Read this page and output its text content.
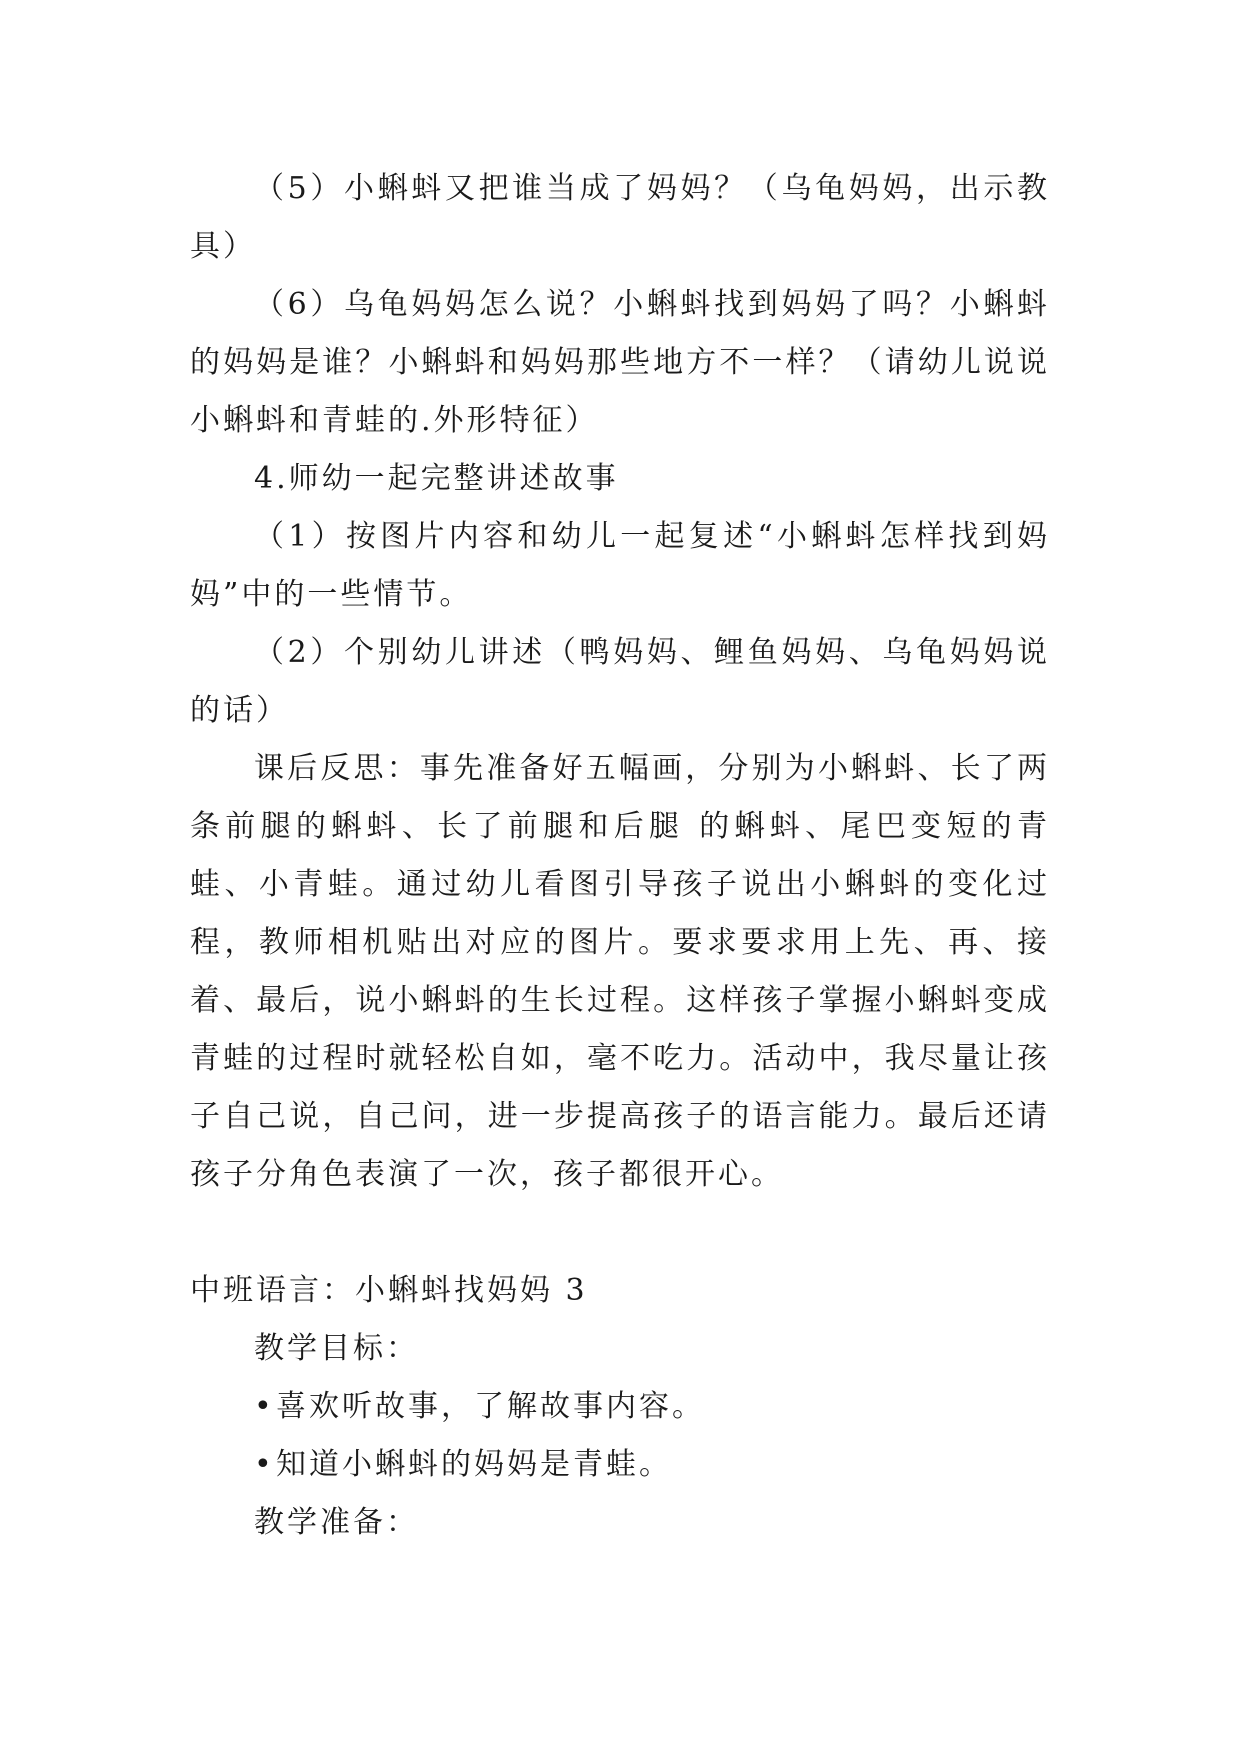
（5）小蝌蚪又把谁当成了妈妈？（乌龟妈妈，出示教具）

（6）乌龟妈妈怎么说？小蝌蚪找到妈妈了吗？小蝌蚪的妈妈是谁？小蝌蚪和妈妈那些地方不一样？（请幼儿说说小蝌蚪和青蛙的.外形特征）

4.师幼一起完整讲述故事

（1）按图片内容和幼儿一起复述“小蝌蚪怎样找到妈妈”中的一些情节。

（2）个别幼儿讲述（鸭妈妈、鲤鱼妈妈、乌龟妈妈说的话）

课后反思：事先准备好五幅画，分别为小蝌蚪、长了两条前腿的蝌蚪、长了前腿和后腿 的蝌蚪、尾巴变短的青蛙、小青蛙。通过幼儿看图引导孩子说出小蝌蚪的变化过程，教师相机贴出对应的图片。要求要求用上先、再、接着、最后，说小蝌蚪的生长过程。这样孩子掌握小蝌蚪变成青蛙的过程时就轻松自如，毫不吃力。活动中，我尽量让孩子自己说，自己问，进一步提高孩子的语言能力。最后还请孩子分角色表演了一次，孩子都很开心。

中班语言：小蝌蚪找妈妈 3

教学目标：

•喜欢听故事，了解故事内容。

•知道小蝌蚪的妈妈是青蛙。

教学准备：
